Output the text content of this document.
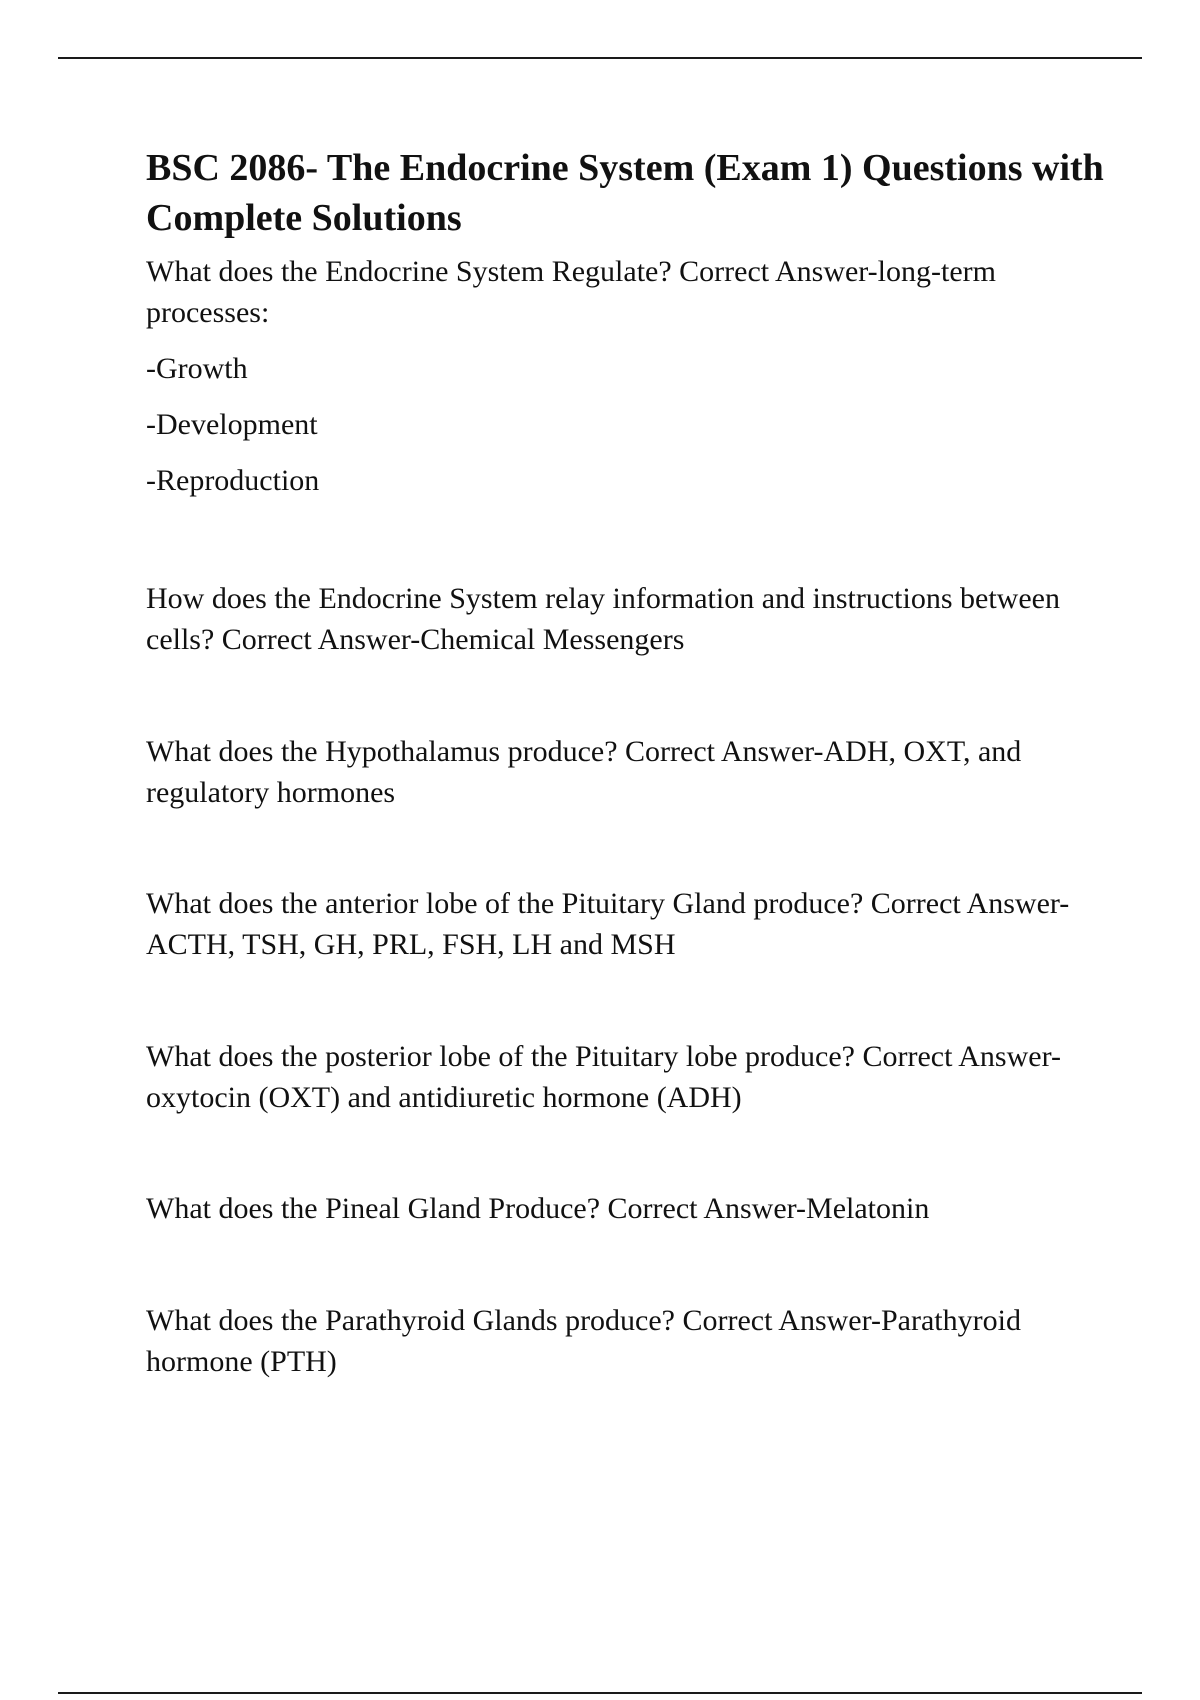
BSC 2086- The Endocrine System (Exam 1) Questions with Complete Solutions

What does the Endocrine System Regulate? Correct Answer-long-term processes:

-Growth

-Development

-Reproduction

How does the Endocrine System relay information and instructions between cells? Correct Answer-Chemical Messengers

What does the Hypothalamus produce? Correct Answer-ADH, OXT, and regulatory hormones

What does the anterior lobe of the Pituitary Gland produce? Correct Answer-ACTH, TSH, GH, PRL, FSH, LH and MSH

What does the posterior lobe of the Pituitary lobe produce? Correct Answer-oxytocin (OXT) and antidiuretic hormone (ADH)

What does the Pineal Gland Produce? Correct Answer-Melatonin

What does the Parathyroid Glands produce? Correct Answer-Parathyroid hormone (PTH)
